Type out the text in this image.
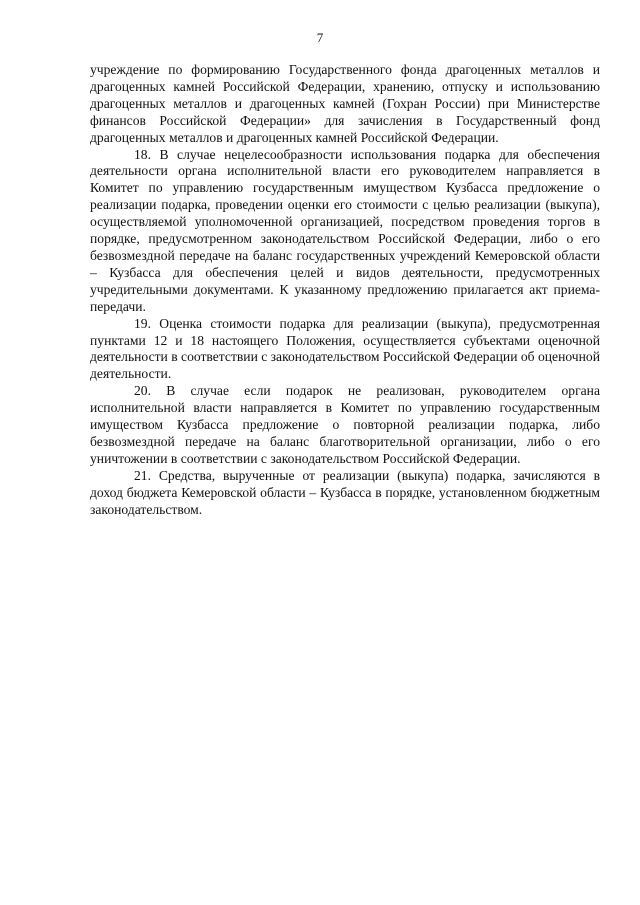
7

учреждение по формированию Государственного фонда драгоценных металлов и драгоценных камней Российской Федерации, хранению, отпуску и использованию драгоценных металлов и драгоценных камней (Гохран России) при Министерстве финансов Российской Федерации» для зачисления в Государственный фонд драгоценных металлов и драгоценных камней Российской Федерации.

18. В случае нецелесообразности использования подарка для обеспечения деятельности органа исполнительной власти его руководителем направляется в Комитет по управлению государственным имуществом Кузбасса предложение о реализации подарка, проведении оценки его стоимости с целью реализации (выкупа), осуществляемой уполномоченной организацией, посредством проведения торгов в порядке, предусмотренном законодательством Российской Федерации, либо о его безвозмездной передаче на баланс государственных учреждений Кемеровской области – Кузбасса для обеспечения целей и видов деятельности, предусмотренных учредительными документами. К указанному предложению прилагается акт приема-передачи.

19. Оценка стоимости подарка для реализации (выкупа), предусмотренная пунктами 12 и 18 настоящего Положения, осуществляется субъектами оценочной деятельности в соответствии с законодательством Российской Федерации об оценочной деятельности.

20. В случае если подарок не реализован, руководителем органа исполнительной власти направляется в Комитет по управлению государственным имуществом Кузбасса предложение о повторной реализации подарка, либо безвозмездной передаче на баланс благотворительной организации, либо о его уничтожении в соответствии с законодательством Российской Федерации.

21. Средства, вырученные от реализации (выкупа) подарка, зачисляются в доход бюджета Кемеровской области – Кузбасса в порядке, установленном бюджетным законодательством.
